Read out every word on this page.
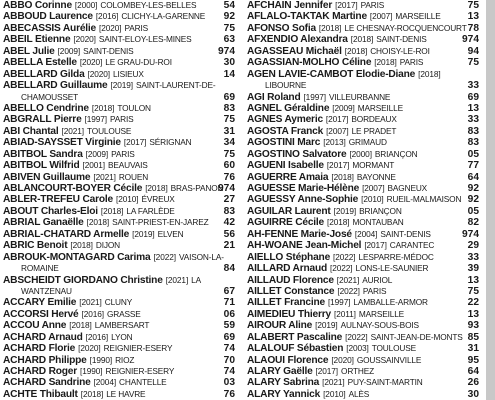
ABBO Corinne [2000] COLOMBEY-LES-BELLES	54
ABBOUD Laurence [2016] CLICHY-LA-GARENNE 92
ABECASSIS Aurélie [2020] PARIS	75
ABEIL Etienne [2020] SAINT-ELOY-LES-MINES	63
ABEL Julie [2009] SAINT-DENIS	974
ABELLA Estelle [2020] LE GRAU-DU-ROI	30
ABELLARD Gilda [2020] LISIEUX	14
ABELLARD Guillaume [2019] SAINT-LAURENT-DE-
CHAMOUSSET	69
ABELLO Cendrine [2018] TOULON	83
ABGRALL Pierre [1997] PARIS	75
ABI Chantal [2021] TOULOUSE	31
ABIAD-SAYSSET Virginie [2017] SÉRIGNAN	34
ABITBOL Sandra [2009] PARIS	75
ABITBOL Wilfrid [2001] BEAUVAIS	60
ABIVEN Guillaume [2021] ROUEN	76
ABLANCOURT-BOYER Cécile [2018] BRAS-PANON
974
ABLER-TREFEU Carole [2010] ÉVREUX	27
ABOUT Charles-Eloi [2018] LA FARLÈDE	83
ABRIAL Ganaëlle [2018] SAINT-PRIEST-EN-JAREZ 42
ABRIAL-CHATARD Armelle [2019] ELVEN	56
ABRIC Benoit [2018] DIJON	21
ABROUK-MONTAGARD Carima [2022] VAISON-LA-
ROMAINE	84
ABSCHEIDT GIORDANO Christine [2021] LA
WANTZENAU	67
ACCARY Emilie [2021] CLUNY	71
ACCORSI Hervé [2016] GRASSE	06
ACCOU Anne [2018] LAMBERSART	59
ACHARD Arnaud [2016] LYON	69
ACHARD Florie [2020] REIGNIER-ESERY	74
ACHARD Philippe [1990] RIOZ	70
ACHARD Roger [1990] REIGNIER-ESERY	74
ACHARD Sandrine [2004] CHANTELLE	03
ACHTE Thibault [2018] LE HAVRE	76
AFCHAIN Jennifer [2017] PARIS	75
AFLALO-TAKTAK Martine [2007] MARSEILLE	13
AFONSO Sofia [2018] LE CHESNAY-ROCQUENCOURT 78
AFXENDIO Alexandra [2018] SAINT-DENIS	974
AGASSEAU Michaël [2018] CHOISY-LE-ROI	94
AGASSIAN-MOLHO Céline [2018] PARIS	75
AGEN LAVIE-CAMBOT Elodie-Diane [2018]
LIBOURNE	33
AGI Roland [1997] VILLEURBANNE	69
AGNEL Géraldine [2009] MARSEILLE	13
AGNES Aymeric [2017] BORDEAUX	33
AGOSTA Franck [2007] LE PRADET	83
AGOSTINI Marc [2013] GRIMAUD	83
AGOSTINO Salvatore [2000] BRIANÇON	05
AGUENI Isabelle [2017] MORMANT	77
AGUERRE Amaia [2018] BAYONNE	64
AGUESSE Marie-Hélène [2007] BAGNEUX	92
AGUESSY Anne-Sophie [2010] RUEIL-MALMAISON 92
AGUILAR Laurent [2019] BRIANÇON	05
AGUIRRE Cécile [2018] MONTAUBAN	82
AH-FENNE Marie-José [2004] SAINT-DENIS	974
AH-WOANE Jean-Michel [2017] CARANTEC	29
AIELLO Stéphane [2022] LESPARRE-MÉDOC	33
AILLARD Arnaud [2022] LONS-LE-SAUNIER	39
AILLAUD Florence [2021] AURIOL	13
AILLET Constance [2022] PARIS	75
AILLET Francine [1997] LAMBALLE-ARMOR	22
AIMEDIEU Thierry [2011] MARSEILLE	13
AIROUR Aline [2019] AULNAY-SOUS-BOIS	93
ALABERT Pascaline [2022] SAINT-JEAN-DE-MONTS 85
ALALOUF Sébastien [2003] TOULOUSE	31
ALAOUI Florence [2020] GOUSSAINVILLE	95
ALARY Gaëlle [2017] ORTHEZ	64
ALARY Sabrina [2021] PUY-SAINT-MARTIN	26
ALARY Yannick [2010] ALÈS	30
